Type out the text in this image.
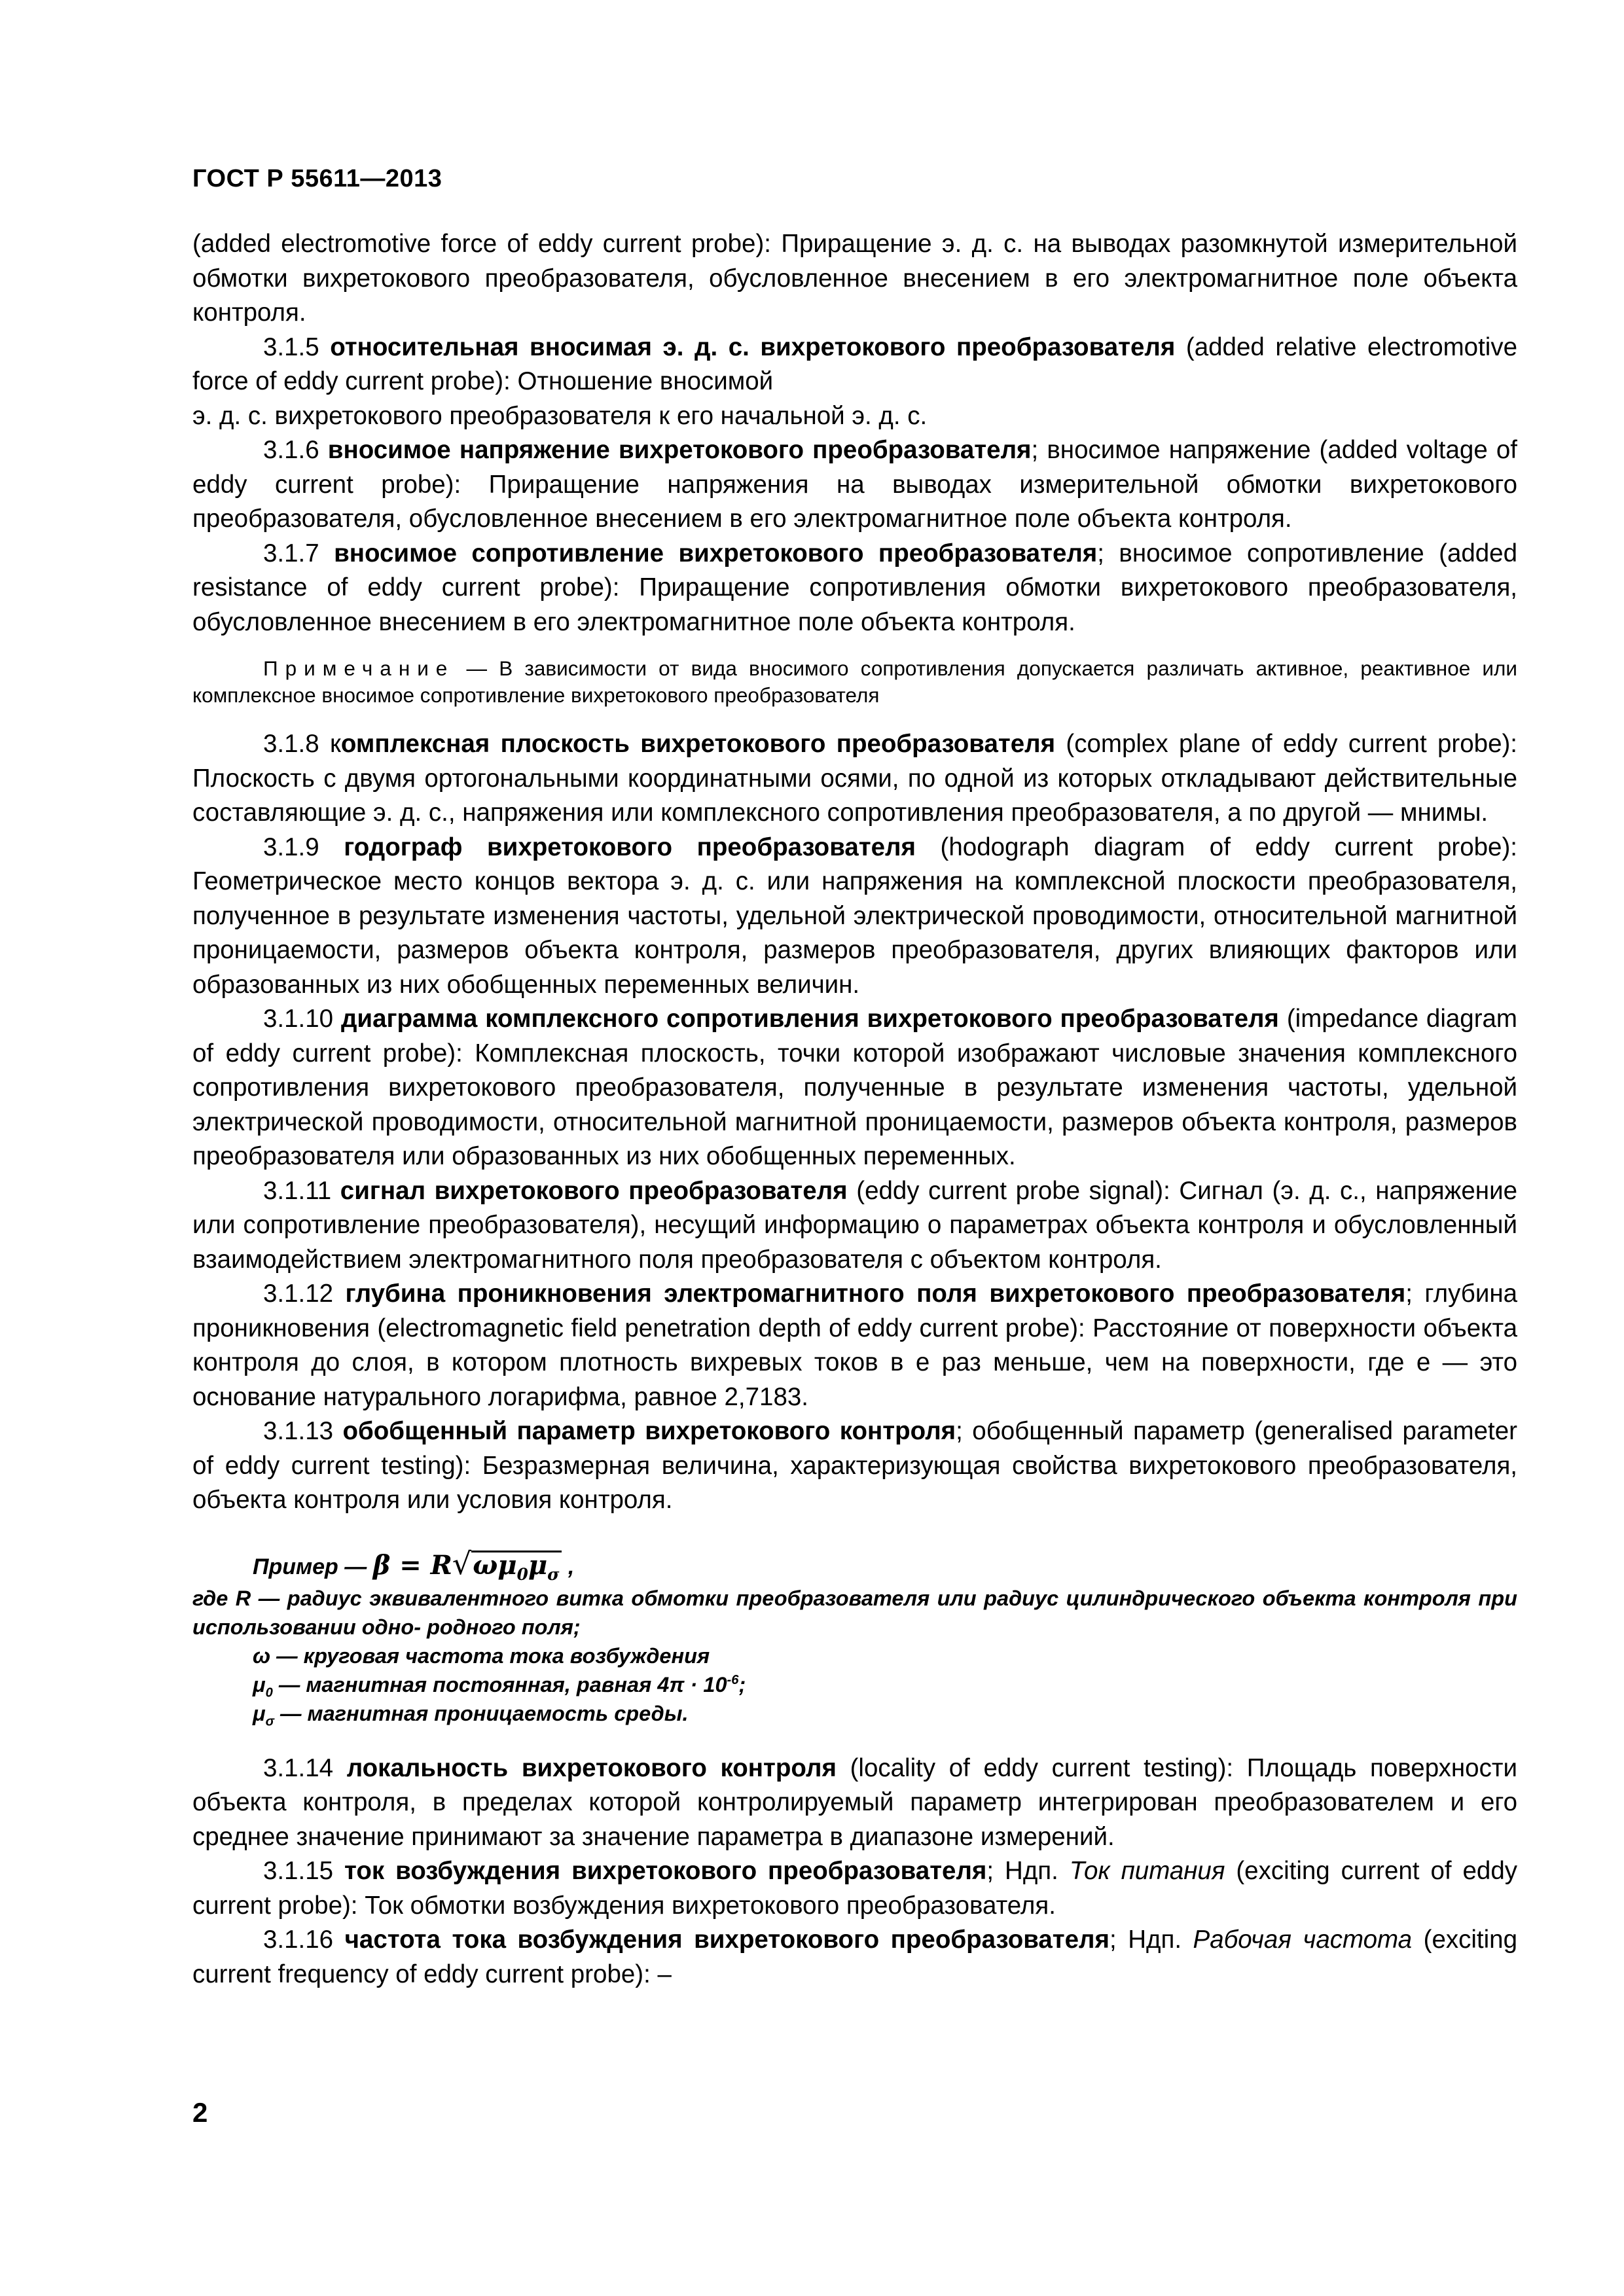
ГОСТ Р 55611—2013

(added electromotive force of eddy current probe): Приращение э. д. с. на выводах разомкнутой измерительной обмотки вихретокового преобразователя, обусловленное внесением в его электромагнитное поле объекта контроля.

3.1.5 относительная вносимая э. д. с. вихретокового преобразователя (added relative electromotive force of eddy current probe): Отношение вносимой

э. д. с. вихретокового преобразователя к его начальной э. д. с.

3.1.6 вносимое напряжение вихретокового преобразователя; вносимое напряжение (added voltage of eddy current probe): Приращение напряжения на выводах измерительной обмотки вихретокового преобразователя, обусловленное внесением в его электромагнитное поле объекта контроля.

3.1.7 вносимое сопротивление вихретокового преобразователя; вносимое сопротивление (added resistance of eddy current probe): Приращение сопротивления обмотки вихретокового преобразователя, обусловленное внесением в его электромагнитное поле объекта контроля.

Примечание — В зависимости от вида вносимого сопротивления допускается различать активное, реактивное или комплексное вносимое сопротивление вихретокового преобразователя

3.1.8 комплексная плоскость вихретокового преобразователя (complex plane of eddy current probe): Плоскость с двумя ортогональными координатными осями, по одной из которых откладывают действительные составляющие э. д. с., напряжения или комплексного сопротивления преобразователя, а по другой — мнимы.

3.1.9 годограф вихретокового преобразователя (hodograph diagram of eddy current probe): Геометрическое место концов вектора э. д. с. или напряжения на комплексной плоскости преобразователя, полученное в результате изменения частоты, удельной электрической проводимости, относительной магнитной проницаемости, размеров объекта контроля, размеров преобразователя, других влияющих факторов или образованных из них обобщенных переменных величин.

3.1.10 диаграмма комплексного сопротивления вихретокового преобразователя (impedance diagram of eddy current probe): Комплексная плоскость, точки которой изображают числовые значения комплексного сопротивления вихретокового преобразователя, полученные в результате изменения частоты, удельной электрической проводимости, относительной магнитной проницаемости, размеров объекта контроля, размеров преобразователя или образованных из них обобщенных переменных.

3.1.11 сигнал вихретокового преобразователя (eddy current probe signal): Сигнал (э. д. с., напряжение или сопротивление преобразователя), несущий информацию о параметрах объекта контроля и обусловленный взаимодействием электромагнитного поля преобразователя с объектом контроля.

3.1.12 глубина проникновения электромагнитного поля вихретокового преобразователя; глубина проникновения (electromagnetic field penetration depth of eddy current probe): Расстояние от поверхности объекта контроля до слоя, в котором плотность вихревых токов в е раз меньше, чем на поверхности, где е — это основание натурального логарифма, равное 2,7183.

3.1.13 обобщенный параметр вихретокового контроля; обобщенный параметр (generalised parameter of eddy current testing): Безразмерная величина, характеризующая свойства вихретокового преобразователя, объекта контроля или условия контроля.

Пример — $\beta = R√\omega\mu_0\mu_\sigma$ ,
где R — радиус эквивалентного витка обмотки преобразователя или радиус цилиндрического объекта контроля при использовании одно- родного поля;
ω — круговая частота тока возбуждения
$\mu_0$ — магнитная постоянная, равная $4\pi \cdot 10^{-6}$;
$\mu_\sigma$ — магнитная проницаемость среды.

3.1.14 локальность вихретокового контроля (locality of eddy current testing): Площадь поверхности объекта контроля, в пределах которой контролируемый параметр интегрирован преобразователем и его среднее значение принимают за значение параметра в диапазоне измерений.

3.1.15 ток возбуждения вихретокового преобразователя; Ндп. Ток питания (exciting current of eddy current probe): Ток обмотки возбуждения вихретокового преобразователя.

3.1.16 частота тока возбуждения вихретокового преобразователя; Ндп. Рабочая частота (exciting current frequency of eddy current probe): –

2
